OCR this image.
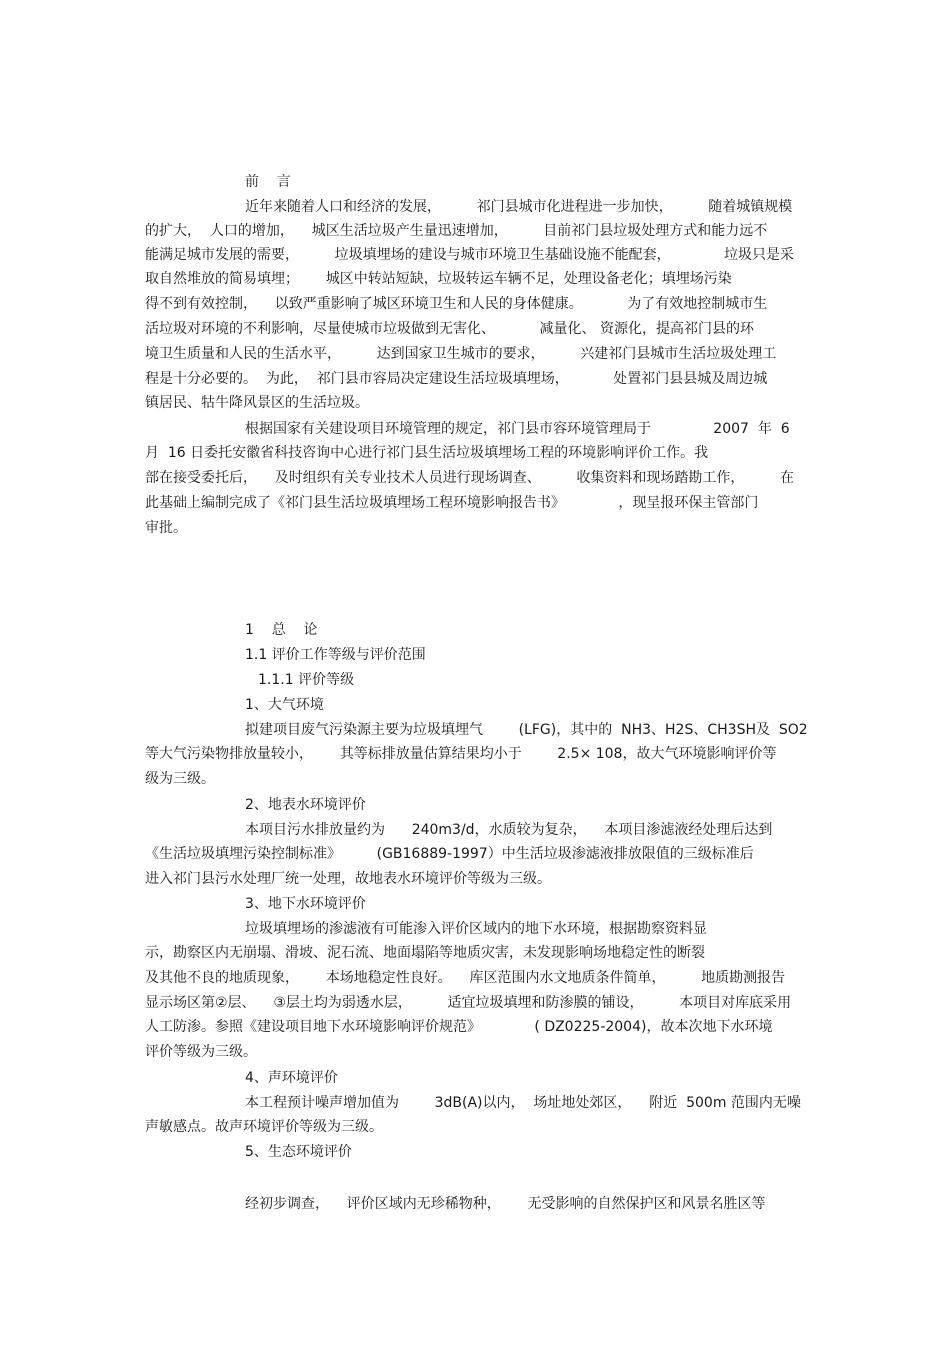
前    言
近年来随着人口和经济的发展，        祁门县城市化进程进一步加快，        随着城镇规模
的扩大，  人口的增加，    城区生活垃圾产生量迅速增加，        目前祁门县垃圾处理方式和能力远不
能满足城市发展的需要，        垃圾填埋场的建设与城市环境卫生基础设施不能配套，            垃圾只是采
取自然堆放的简易填埋；      城区中转站短缺，垃圾转运车辆不足，处理设备老化；填埋场污染
得不到有效控制，    以致严重影响了城区环境卫生和人民的身体健康。          为了有效地控制城市生
活垃圾对环境的不利影响，尽量使城市垃圾做到无害化、          减量化、 资源化，提高祁门县的环
境卫生质量和人民的生活水平，        达到国家卫生城市的要求，        兴建祁门县城市生活垃圾处理工
程是十分必要的。  为此，  祁门县市容局决定建设生活垃圾填埋场，          处置祁门县县城及周边城
镇居民、牯牛降风景区的生活垃圾。
根据国家有关建设项目环境管理的规定，祁门县市容环境管理局于              2007  年  6
月  16 日委托安徽省科技咨询中心进行祁门县生活垃圾填埋场工程的环境影响评价工作。我
部在接受委托后，    及时组织有关专业技术人员进行现场调查、        收集资料和现场踏勘工作，        在
此基础上编制完成了《祁门县生活垃圾填埋场工程环境影响报告书》            ，现呈报环保主管部门
审批。
1    总    论
1.1 评价工作等级与评价范围
1.1.1 评价等级
1、大气环境
拟建项目废气污染源主要为垃圾填埋气        (LFG)，其中的  NH3、H2S、CH3SH及  SO2
等大气污染物排放量较小，      其等标排放量估算结果均小于        2.5× 108，故大气环境影响评价等
级为三级。
2、地表水环境评价
本项目污水排放量约为      240m3/d，水质较为复杂，    本项目渗滤液经处理后达到
《生活垃圾填埋污染控制标准》        (GB16889-1997）中生活垃圾渗滤液排放限值的三级标准后
进入祁门县污水处理厂统一处理，故地表水环境评价等级为三级。
3、地下水环境评价
垃圾填埋场的渗滤液有可能渗入评价区域内的地下水环境，根据勘察资料显
示，勘察区内无崩塌、滑坡、泥石流、地面塌陷等地质灾害，未发现影响场地稳定性的断裂
及其他不良的地质现象，      本场地稳定性良好。    库区范围内水文地质条件简单，        地质勘测报告
显示场区第②层、    ③层土均为弱透水层，        适宜垃圾填埋和防渗膜的铺设，        本项目对库底采用
人工防渗。参照《建设项目地下水环境影响评价规范》            ( DZ0225-2004)，故本次地下水环境
评价等级为三级。
4、声环境评价
本工程预计噪声增加值为        3dB(A)以内，  场址地处郊区，    附近  500m 范围内无噪
声敏感点。故声环境评价等级为三级。
5、生态环境评价
经初步调查，    评价区域内无珍稀物种，      无受影响的自然保护区和风景名胜区等
